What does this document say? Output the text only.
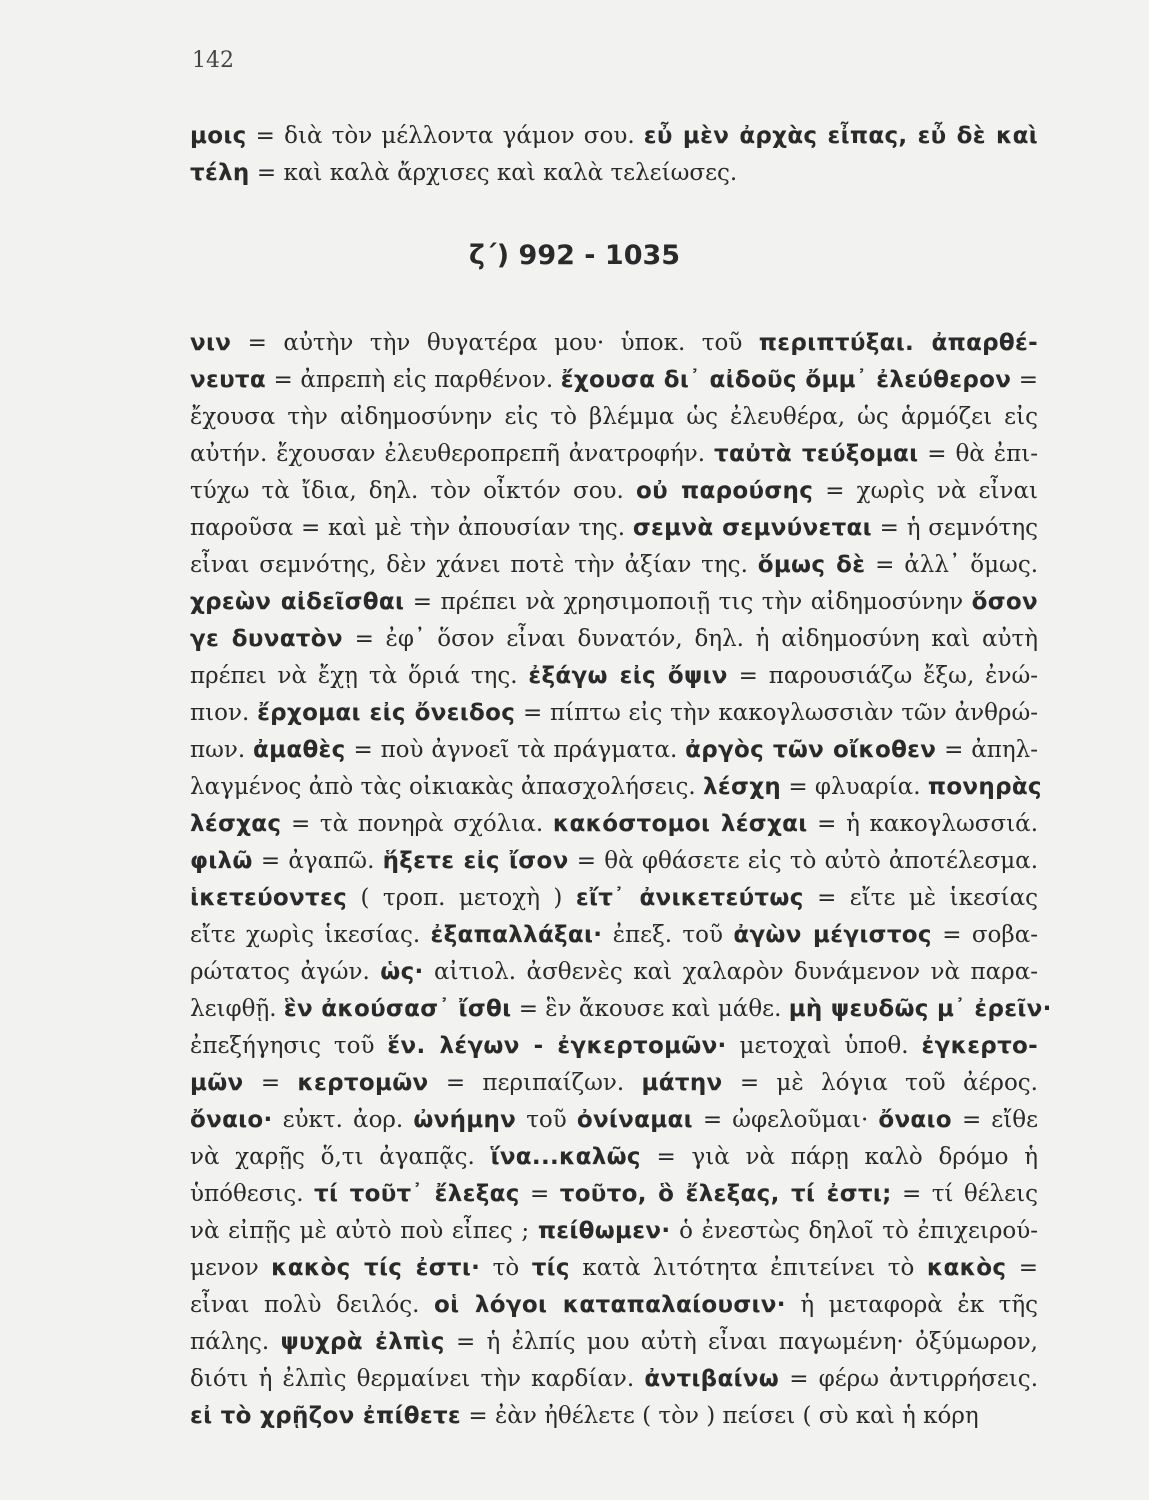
142
ζ΄) 992 - 1035
μοις = διὰ τὸν μέλλοντα γάμον σου. εὖ μὲν ἀρχὰς εἶπας, εὖ δὲ καὶ
τέλη = καὶ καλὰ ἄρχισες καὶ καλὰ τελείωσες.
νιν = αὐτὴν τὴν θυγατέρα μου· ὑποκ. τοῦ περιπτύξαι. ἀπαρθέ-
νευτα = ἀπρεπὴ εἰς παρθένον. ἔχουσα δι᾿ αἰδοῦς ὄμμ᾿ ἐλεύθερον =
ἔχουσα τὴν αἰδημοσύνην εἰς τὸ βλέμμα ὡς ἐλευθέρα, ὡς ἁρμόζει εἰς
αὐτήν. ἔχουσαν ἐλευθεροπρεπῆ ἀνατροφήν. ταὐτὰ τεύξομαι = θὰ ἐπι-
τύχω τὰ ἴδια, δηλ. τὸν οἶκτόν σου. οὐ παρούσης = χωρὶς νὰ εἶναι
παροῦσα = καὶ μὲ τὴν ἀπουσίαν της. σεμνὰ σεμνύνεται = ἡ σεμνότης
εἶναι σεμνότης, δὲν χάνει ποτὲ τὴν ἀξίαν της. ὅμως δὲ = ἀλλ᾿ ὅμως.
χρεὼν αἰδεῖσθαι = πρέπει νὰ χρησιμοποιῇ τις τὴν αἰδημοσύνην ὅσον
γε δυνατὸν = ἐφ᾿ ὅσον εἶναι δυνατόν, δηλ. ἡ αἰδημοσύνη καὶ αὐτὴ
πρέπει νὰ ἔχῃ τὰ ὅριά της. ἐξάγω εἰς ὄψιν = παρουσιάζω ἔξω, ἐνώ-
πιον. ἔρχομαι εἰς ὄνειδος = πίπτω εἰς τὴν κακογλωσσιὰν τῶν ἀνθρώ-
πων. ἀμαθὲς = ποὺ ἀγνοεῖ τὰ πράγματα. ἀργὸς τῶν οἴκοθεν = ἀπηλ-
λαγμένος ἀπὸ τὰς οἰκιακὰς ἀπασχολήσεις. λέσχη = φλυαρία. πονηρὰς
λέσχας = τὰ πονηρὰ σχόλια. κακόστομοι λέσχαι = ἡ κακογλωσσιά.
φιλῶ = ἀγαπῶ. ἥξετε εἰς ἴσον = θὰ φθάσετε εἰς τὸ αὐτὸ ἀποτέλεσμα.
ἱκετεύοντες ( τροπ. μετοχὴ ) εἴτ᾿ ἀνικετεύτως = εἴτε μὲ ἱκεσίας
εἴτε χωρὶς ἱκεσίας. ἐξαπαλλάξαι· ἐπεξ. τοῦ ἀγὼν μέγιστος = σοβα-
ρώτατος ἀγών. ὡς· αἰτιολ. ἀσθενὲς καὶ χαλαρὸν δυνάμενον νὰ παρα-
λειφθῇ. ἓν ἀκούσασ᾿ ἴσθι = ἓν ἄκουσε καὶ μάθε. μὴ ψευδῶς μ᾿ ἐρεῖν·
ἐπεξήγησις τοῦ ἕν. λέγων - ἐγκερτομῶν· μετοχαὶ ὑποθ. ἐγκερτο-
μῶν = κερτομῶν = περιπαίζων. μάτην = μὲ λόγια τοῦ ἀέρος.
ὄναιο· εὐκτ. ἀορ. ὠνήμην τοῦ ὀνίναμαι = ὠφελοῦμαι· ὄναιο = εἴθε
νὰ χαρῇς ὅ,τι ἀγαπᾷς. ἵνα...καλῶς = γιὰ νὰ πάρῃ καλὸ δρόμο ἡ
ὑπόθεσις. τί τοῦτ᾿ ἔλεξας = τοῦτο, ὃ ἔλεξας, τί ἐστι; = τί θέλεις
νὰ εἰπῇς μὲ αὐτὸ ποὺ εἶπες ; πείθωμεν· ὁ ἐνεστὼς δηλοῖ τὸ ἐπιχειρού-
μενον κακὸς τίς ἐστι· τὸ τίς κατὰ λιτότητα ἐπιτείνει τὸ κακὸς =
εἶναι πολὺ δειλός. οἱ λόγοι καταπαλαίουσιν· ἡ μεταφορὰ ἐκ τῆς
πάλης. ψυχρὰ ἐλπὶς = ἡ ἐλπίς μου αὐτὴ εἶναι παγωμένη· ὀξύμωρον,
διότι ἡ ἐλπὶς θερμαίνει τὴν καρδίαν. ἀντιβαίνω = φέρω ἀντιρρήσεις.
εἰ τὸ χρῇζον ἐπίθετε = ἐὰν ἠθέλετε ( τὸν ) πείσει ( σὺ καὶ ἡ κόρη
